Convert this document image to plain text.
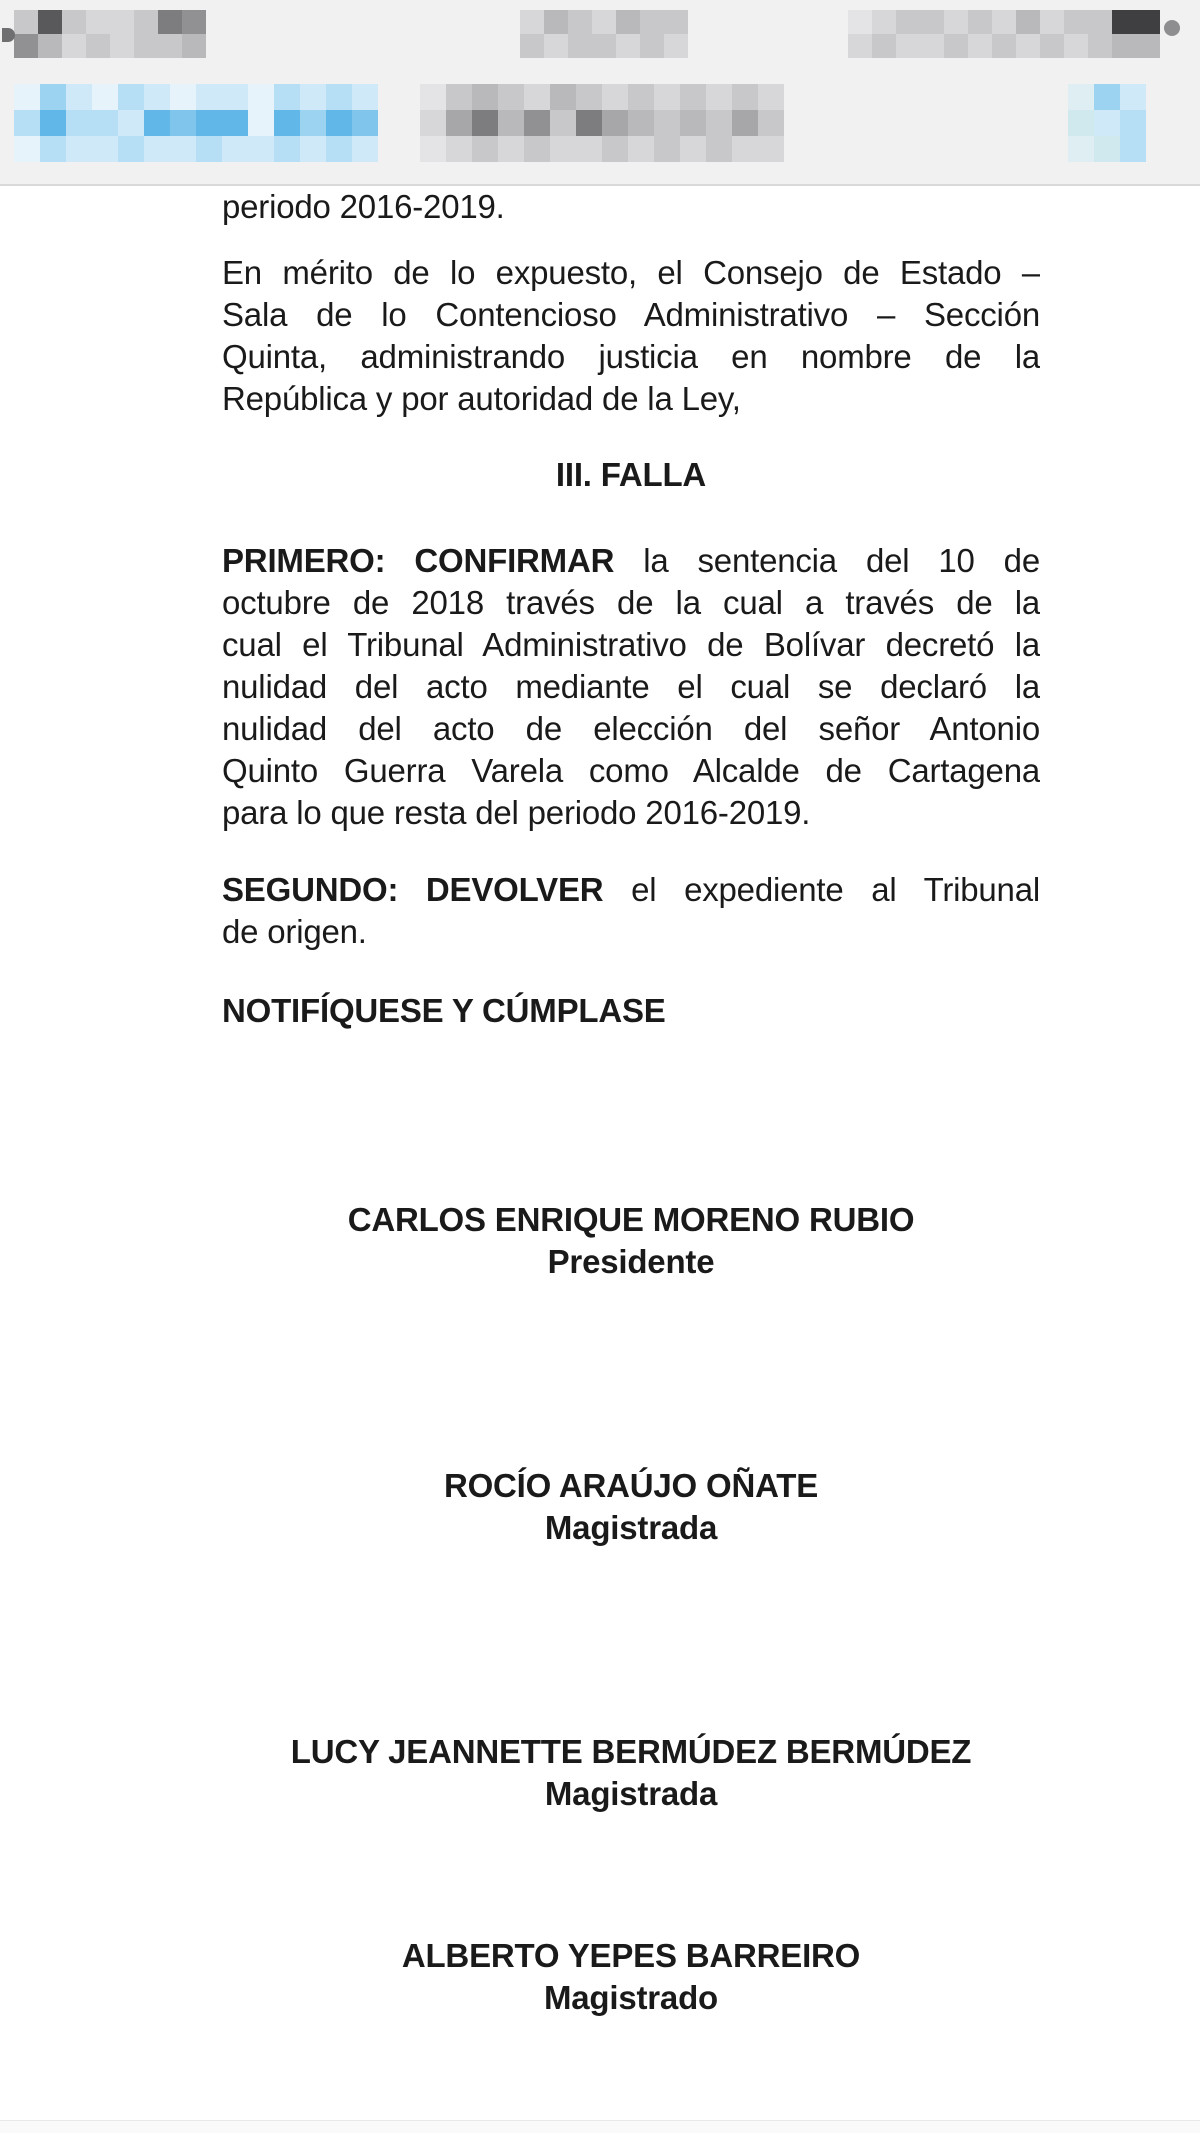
periodo 2016-2019.
En mérito de lo expuesto, el Consejo de Estado –
Sala de lo Contencioso Administrativo – Sección
Quinta, administrando justicia en nombre de la
República y por autoridad de la Ley,
III. FALLA
PRIMERO: CONFIRMAR la sentencia del 10 de
octubre de 2018 través de la cual a través de la
cual el Tribunal Administrativo de Bolívar decretó la
nulidad del acto mediante el cual se declaró la
nulidad del acto de elección del señor Antonio
Quinto Guerra Varela como Alcalde de Cartagena
para lo que resta del periodo 2016-2019.
SEGUNDO: DEVOLVER el expediente al Tribunal
de origen.
NOTIFÍQUESE Y CÚMPLASE
CARLOS ENRIQUE MORENO RUBIO
Presidente
ROCÍO ARAÚJO OÑATE
Magistrada
LUCY JEANNETTE BERMÚDEZ BERMÚDEZ
Magistrada
ALBERTO YEPES BARREIRO
Magistrado
